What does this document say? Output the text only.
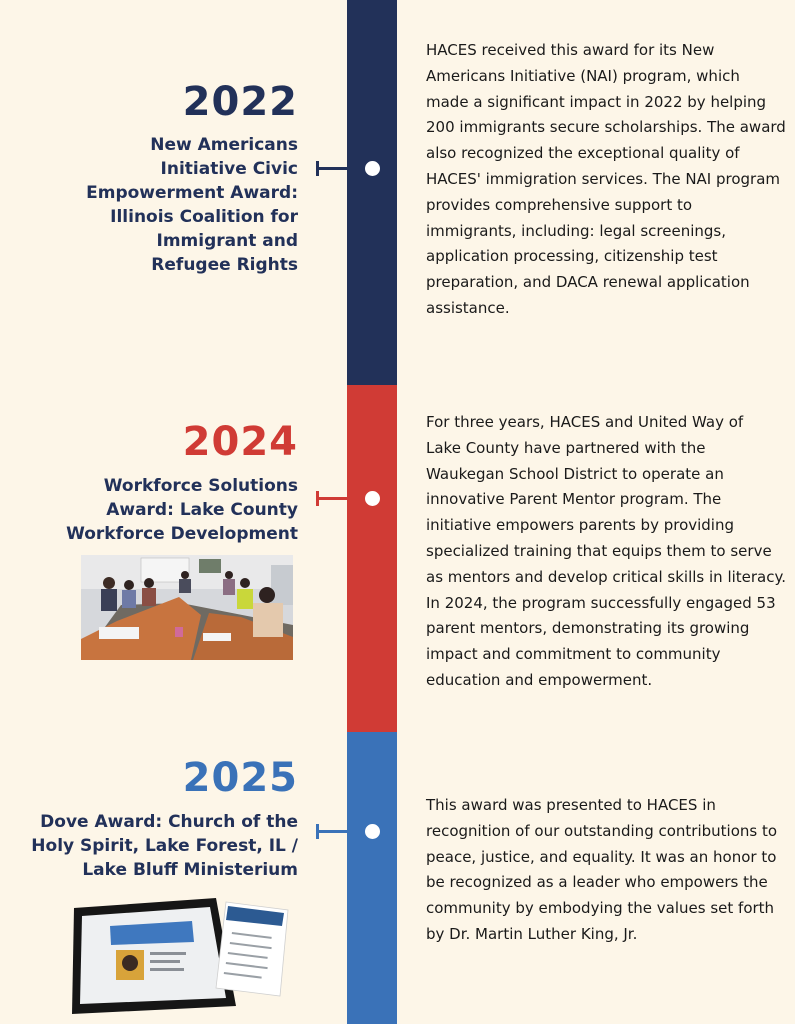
2022
New Americans
Initiative Civic
Empowerment Award:
Illinois Coalition for
Immigrant and
Refugee Rights
HACES received this award for its New
Americans Initiative (NAI) program, which
made a significant impact in 2022 by helping
200 immigrants secure scholarships. The award
also recognized the exceptional quality of
HACES' immigration services. The NAI program
provides comprehensive support to
immigrants, including: legal screenings,
application processing, citizenship test
preparation, and DACA renewal application
assistance.
2024
Workforce Solutions
Award: Lake County
Workforce Development
For three years, HACES and United Way of
Lake County have partnered with the
Waukegan School District to operate an
innovative Parent Mentor program. The
initiative empowers parents by providing
specialized training that equips them to serve
as mentors and develop critical skills in literacy.
In 2024, the program successfully engaged 53
parent mentors, demonstrating its growing
impact and commitment to community
education and empowerment.
2025
Dove Award: Church of the
Holy Spirit, Lake Forest, IL /
Lake Bluff Ministerium
This award was presented to HACES in
recognition of our outstanding contributions to
peace, justice, and equality. It was an honor to
be recognized as a leader who empowers the
community by embodying the values set forth
by Dr. Martin Luther King, Jr.
